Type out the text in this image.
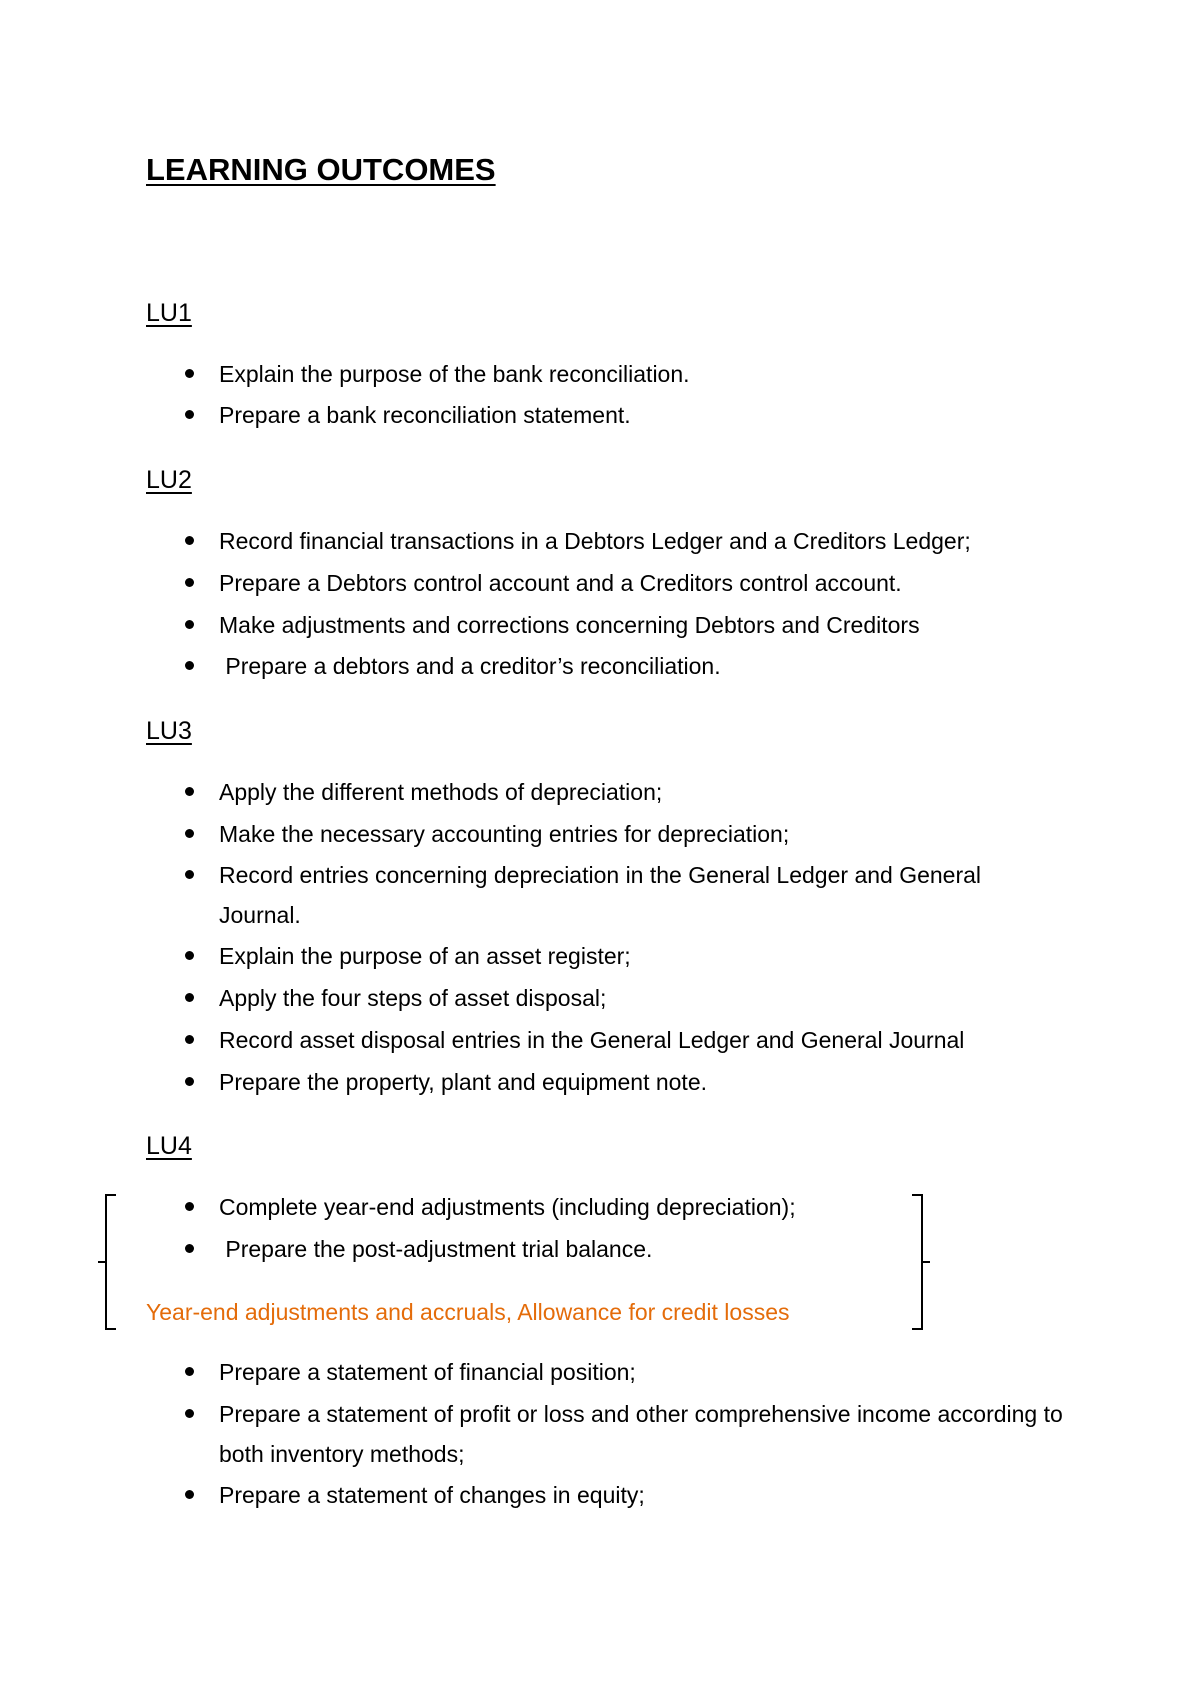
LEARNING OUTCOMES
LU1
Explain the purpose of the bank reconciliation.
Prepare a bank reconciliation statement.
LU2
Record financial transactions in a Debtors Ledger and a Creditors Ledger;
Prepare a Debtors control account and a Creditors control account.
Make adjustments and corrections concerning Debtors and Creditors
Prepare a debtors and a creditor’s reconciliation.
LU3
Apply the different methods of depreciation;
Make the necessary accounting entries for depreciation;
Record entries concerning depreciation in the General Ledger and General Journal.
Explain the purpose of an asset register;
Apply the four steps of asset disposal;
Record asset disposal entries in the General Ledger and General Journal
Prepare the property, plant and equipment note.
LU4
Complete year-end adjustments (including depreciation);
Prepare the post-adjustment trial balance.
Year-end adjustments and accruals, Allowance for credit losses
Prepare a statement of financial position;
Prepare a statement of profit or loss and other comprehensive income according to both inventory methods;
Prepare a statement of changes in equity;
